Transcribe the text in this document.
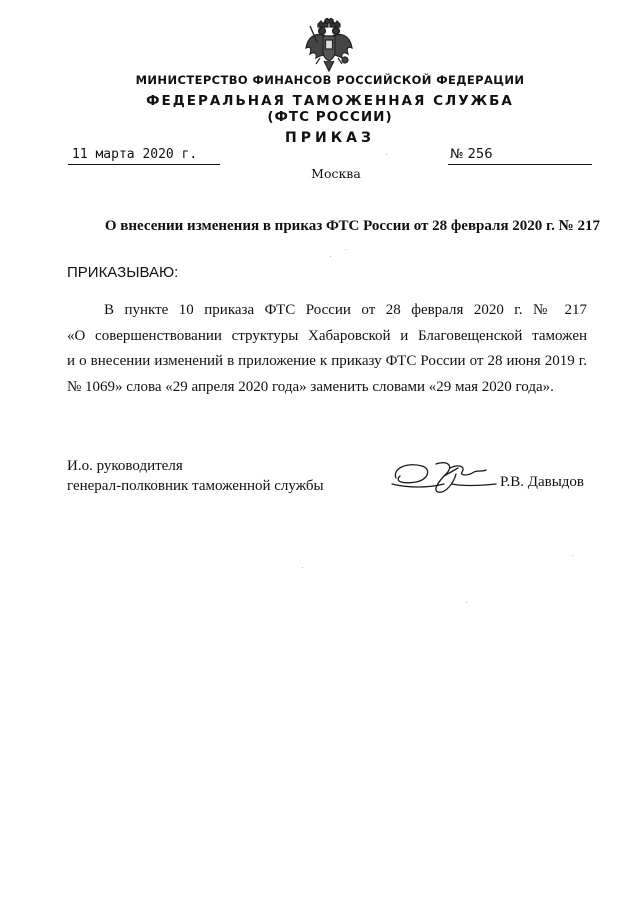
МИНИСТЕРСТВО ФИНАНСОВ РОССИЙСКОЙ ФЕДЕРАЦИИ
ФЕДЕРАЛЬНАЯ ТАМОЖЕННАЯ СЛУЖБА
(ФТС РОССИИ)
ПРИКАЗ
11 марта 2020 г.	№ 256
Москва
О внесении изменения в приказ ФТС России от 28 февраля 2020 г. № 217
ПРИКАЗЫВАЮ:
В пункте 10 приказа ФТС России от 28 февраля 2020 г. № 217
«О совершенствовании структуры Хабаровской и Благовещенской таможен
и о внесении изменений в приложение к приказу ФТС России от 28 июня 2019 г.
№ 1069» слова «29 апреля 2020 года» заменить словами «29 мая 2020 года».
И.о. руководителя
генерал-полковник таможенной службы	Р.В. Давыдов
